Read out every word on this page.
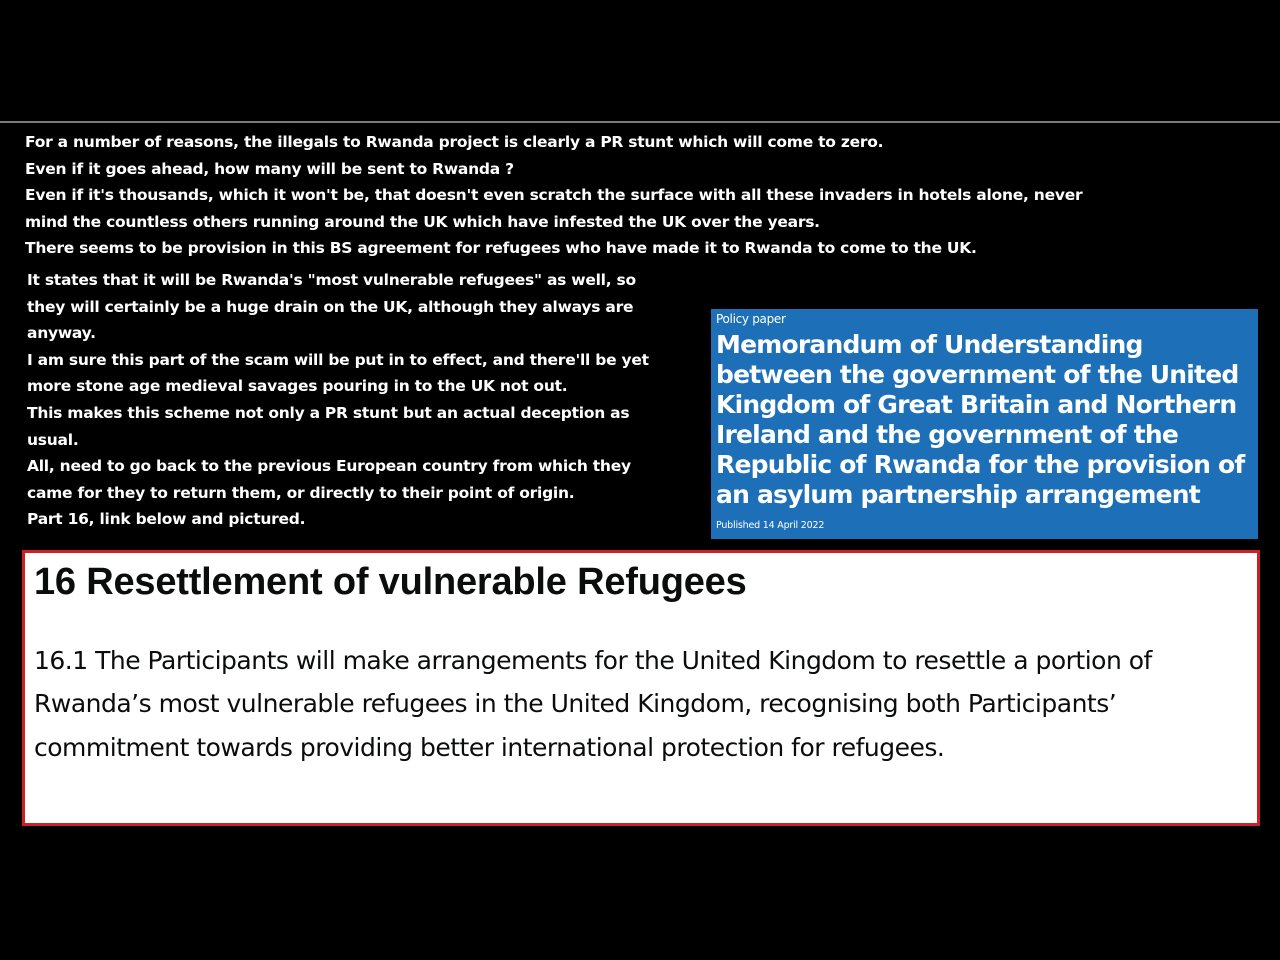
For a number of reasons, the illegals to Rwanda project is clearly a PR stunt which will come to zero.
Even if it goes ahead, how many will be sent to Rwanda ?
Even if it's thousands, which it won't be, that doesn't even scratch the surface with all these invaders in hotels alone, never
mind the countless others running around the UK which have infested the UK over the years.
There seems to be provision in this BS agreement for refugees who have made it to Rwanda to come to the UK.

It states that it will be Rwanda's "most vulnerable refugees" as well, so
they will certainly be a huge drain on the UK, although they always are
anyway.
I am sure this part of the scam will be put in to effect, and there'll be yet
more stone age medieval savages pouring in to the UK not out.
This makes this scheme not only a PR stunt but an actual deception as
usual.
All, need to go back to the previous European country from which they
came for they to return them, or directly to their point of origin.
Part 16, link below and pictured.

Policy paper
Memorandum of Understanding between the government of the United Kingdom of Great Britain and Northern Ireland and the government of the Republic of Rwanda for the provision of an asylum partnership arrangement
Published 14 April 2022
16 Resettlement of vulnerable Refugees

16.1 The Participants will make arrangements for the United Kingdom to resettle a portion of Rwanda’s most vulnerable refugees in the United Kingdom, recognising both Participants’ commitment towards providing better international protection for refugees.
